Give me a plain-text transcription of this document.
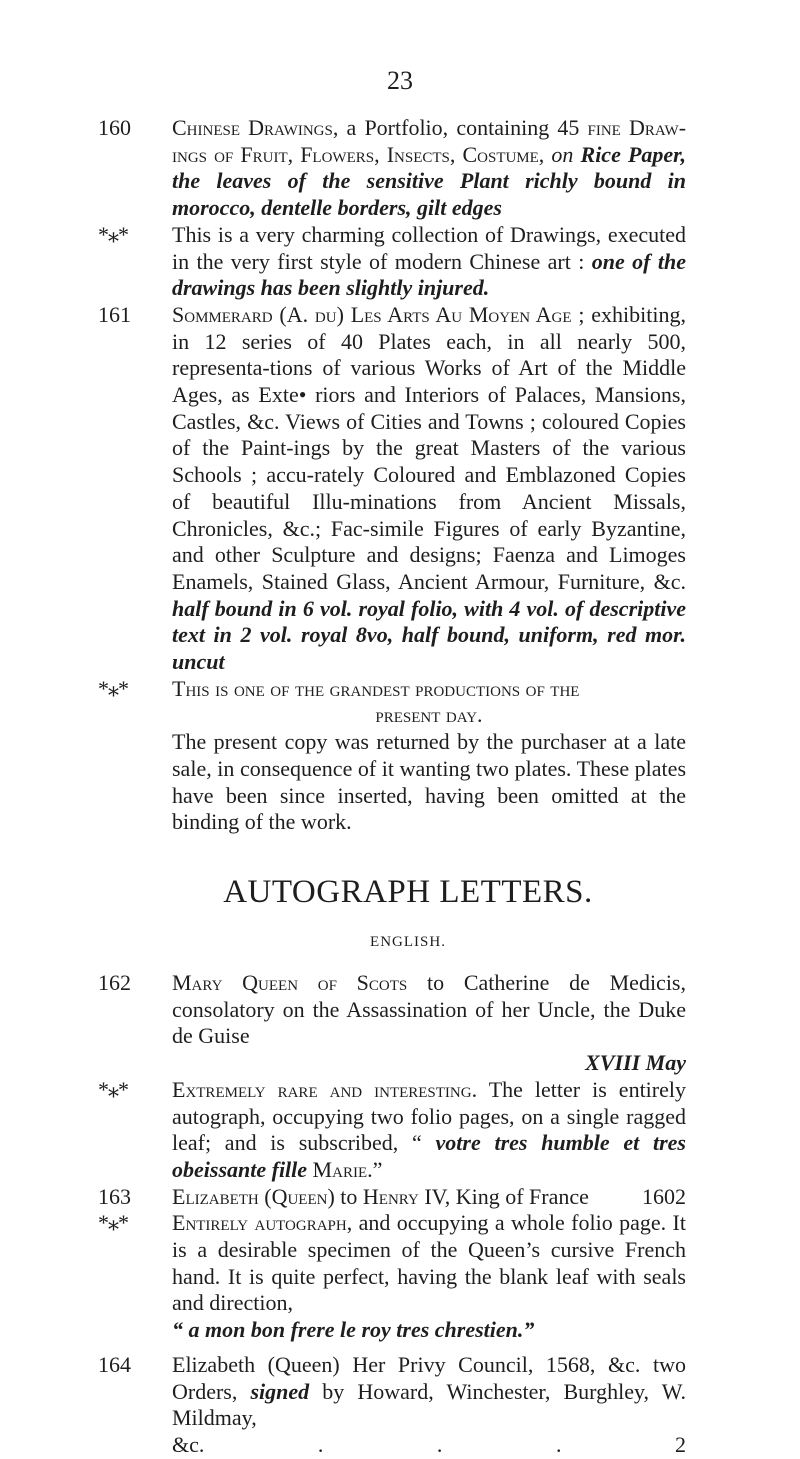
23
160 Chinese Drawings, a Portfolio, containing 45 fine Draw-ings of Fruit, Flowers, Insects, Costume, on Rice Paper, the leaves of the sensitive Plant richly bound in morocco, dentelle borders, gilt edges
*⁎* This is a very charming collection of Drawings, executed in the very first style of modern Chinese art : one of the drawings has been slightly injured.
161 Sommerard (A. du) Les Arts Au Moyen Age ; exhibiting, in 12 series of 40 Plates each, in all nearly 500, representa-tions of various Works of Art of the Middle Ages, as Exte• riors and Interiors of Palaces, Mansions, Castles, &c. Views of Cities and Towns ; coloured Copies of the Paint-ings by the great Masters of the various Schools ; accu-rately Coloured and Emblazoned Copies of beautiful Illu-minations from Ancient Missals, Chronicles, &c.; Fac-simile Figures of early Byzantine, and other Sculpture and designs; Faenza and Limoges Enamels, Stained Glass, Ancient Armour, Furniture, &c. half bound in 6 vol. royal folio, with 4 vol. of descriptive text in 2 vol. royal 8vo, half bound, uniform, red mor. uncut
*⁎* This is one of the grandest productions of the
present day.
The present copy was returned by the purchaser at a late sale, in consequence of it wanting two plates. These plates have been since inserted, having been omitted at the binding of the work.
AUTOGRAPH LETTERS.
ENGLISH.
162 Mary Queen of Scots to Catherine de Medicis, consolatory on the Assassination of her Uncle, the Duke de Guise
XVIII May
*⁎* Extremely rare and interesting. The letter is entirely autograph, occupying two folio pages, on a single ragged leaf; and is subscribed, “ votre tres humble et tres obeissante fille Marie.”
163 Elizabeth (Queen) to Henry IV, King of France 1602
*⁎* Entirely autograph, and occupying a whole folio page. It is a desirable specimen of the Queen’s cursive French hand. It is quite perfect, having the blank leaf with seals and direction,
“ a mon bon frere le roy tres chrestien.”
164 Elizabeth (Queen) Her Privy Council, 1568, &c. two Orders, signed by Howard, Winchester, Burghley, W. Mildmay,
&c.	.	.	.	2
